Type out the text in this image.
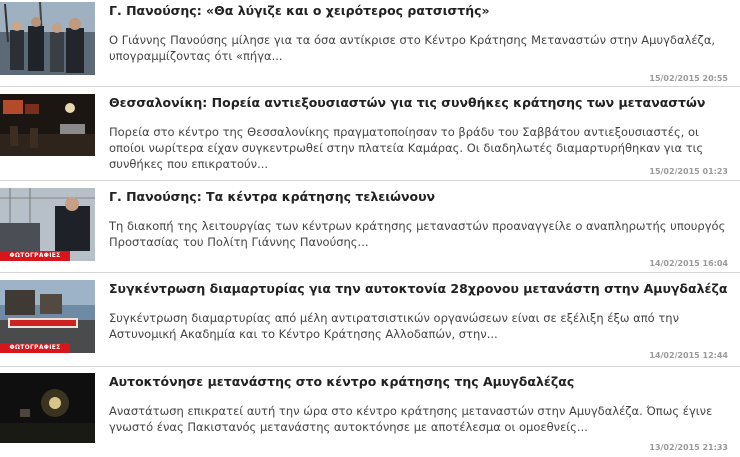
Γ. Πανούσης: «Θα λύγιζε και ο χειρότερος ρατσιστής»
Ο Γιάννης Πανούσης μίλησε για τα όσα αντίκρισε στο Κέντρο Κράτησης Μεταναστών στην Αμυγδαλέζα, υπογραμμίζοντας ότι «πήγα...
15/02/2015 20:55
Θεσσαλονίκη: Πορεία αντιεξουσιαστών για τις συνθήκες κράτησης των μεταναστών
Πορεία στο κέντρο της Θεσσαλονίκης πραγματοποίησαν το βράδυ του Σαββάτου αντιεξουσιαστές, οι οποίοι νωρίτερα είχαν συγκεντρωθεί στην πλατεία Καμάρας. Οι διαδηλωτές διαμαρτυρήθηκαν για τις συνθήκες που επικρατούν...
15/02/2015 01:23
ΦΩΤΟΓΡΑΦΙΕΣ
Γ. Πανούσης: Τα κέντρα κράτησης τελειώνουν
Τη διακοπή της λειτουργίας των κέντρων κράτησης μεταναστών προαναγγείλε ο αναπληρωτής υπουργός Προστασίας του Πολίτη Γιάννης Πανούσης...
14/02/2015 16:04
ΦΩΤΟΓΡΑΦΙΕΣ
Συγκέντρωση διαμαρτυρίας για την αυτοκτονία 28χρονου μετανάστη στην Αμυγδαλέζα
Συγκέντρωση διαμαρτυρίας από μέλη αντιρατσιστικών οργανώσεων είναι σε εξέλιξη έξω από την Αστυνομική Ακαδημία και το Κέντρο Κράτησης Αλλοδαπών, στην...
14/02/2015 12:44
Αυτοκτόνησε μετανάστης στο κέντρο κράτησης της Αμυγδαλέζας
Αναστάτωση επικρατεί αυτή την ώρα στο κέντρο κράτησης μεταναστών στην Αμυγδαλέζα. Όπως έγινε γνωστό ένας Πακιστανός μετανάστης αυτοκτόνησε με αποτέλεσμα οι ομοεθνείς...
13/02/2015 21:33
